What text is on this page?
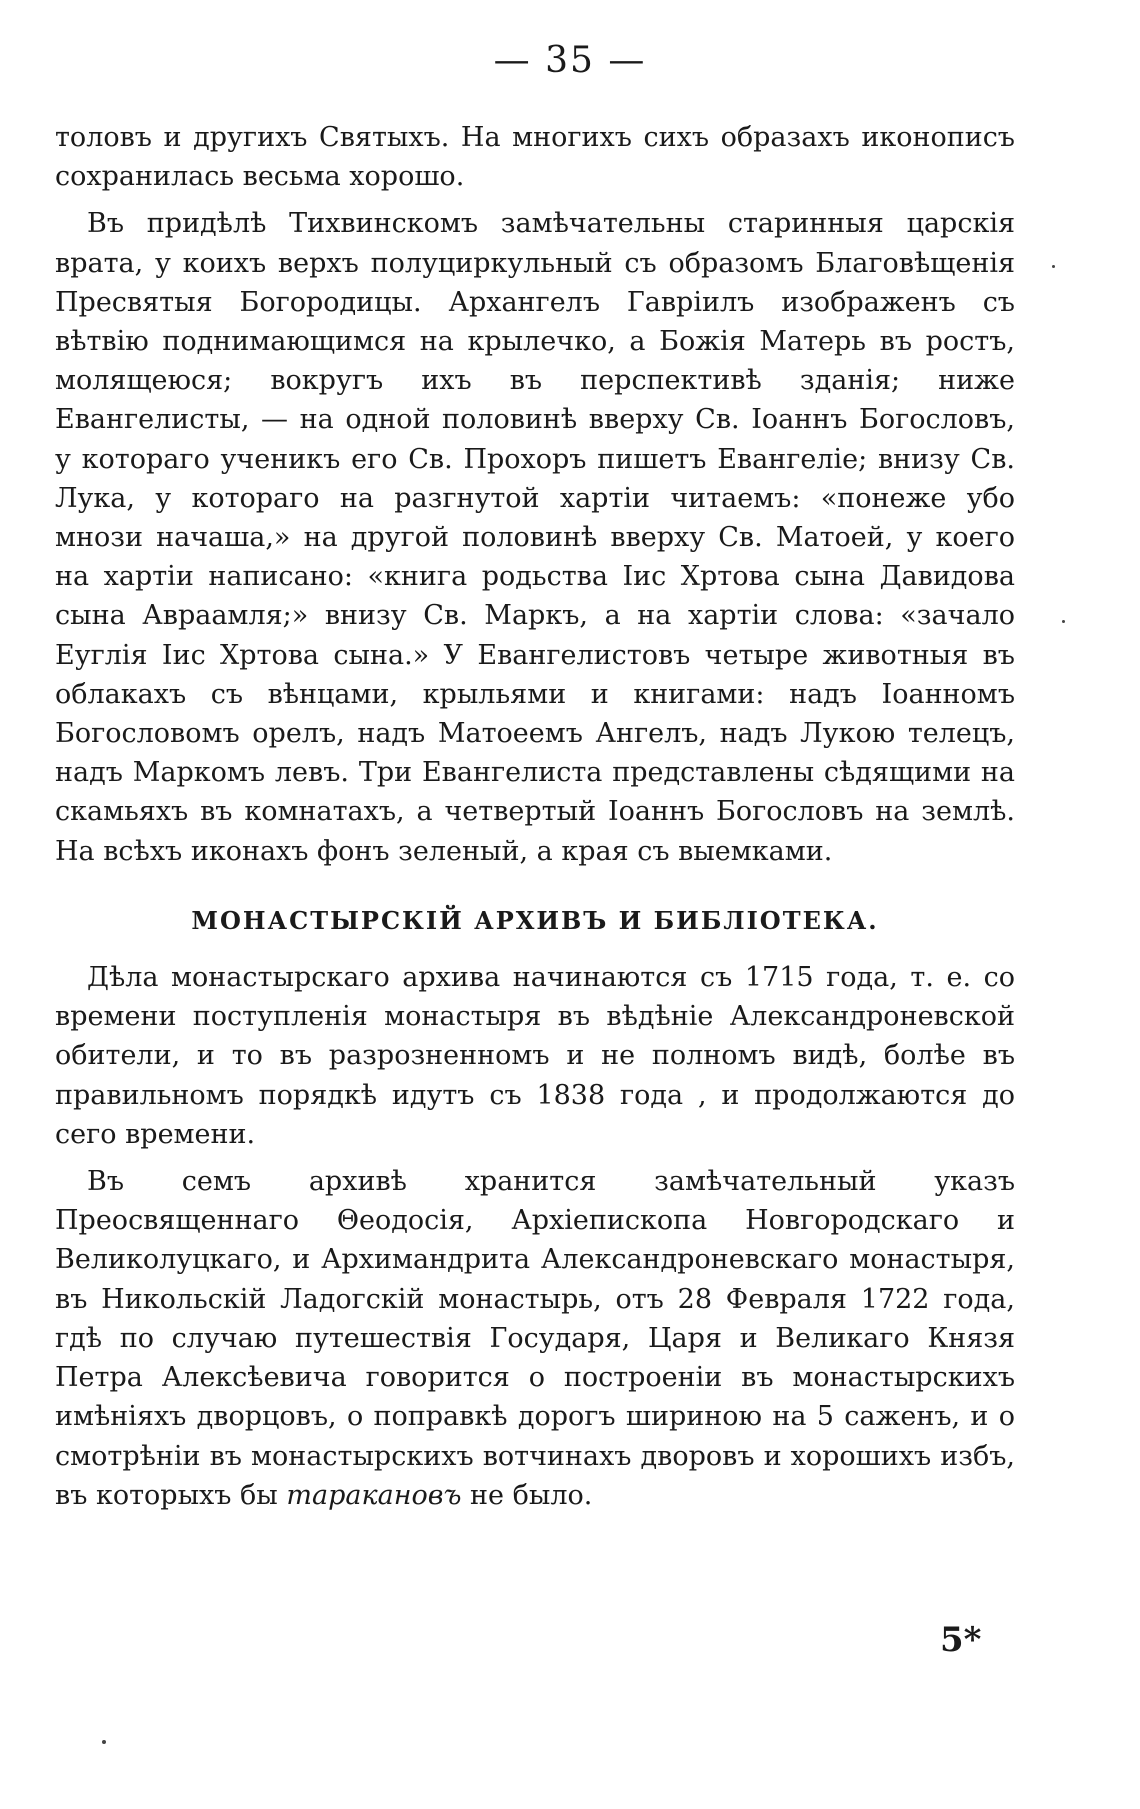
— 35 —

толовъ и другихъ Святыхъ. На многихъ сихъ образахъ иконописъ сохранилась весьма хорошо.

Въ придѣлѣ Тихвинскомъ замѣчательны старинныя царскія врата, у коихъ верхъ полуциркульный съ образомъ Благовѣщенія Пресвятыя Богородицы. Архангелъ Гавріилъ изображенъ съ вѣтвію поднимающимся на крылечко, а Божія Матерь въ ростъ, молящеюся; вокругъ ихъ въ перспективѣ зданія; ниже Евангелисты, — на одной половинѣ вверху Св. Іоаннъ Богословъ, у котораго ученикъ его Св. Прохоръ пишетъ Евангеліе; внизу Св. Лука, у котораго на разгнутой хартіи читаемъ: «понеже убо мнози начаша,» на другой половинѣ вверху Св. Матоей, у коего на хартіи написано: «книга родьства Іис Хртова сына Давидова сына Авраамля;» внизу Св. Маркъ, а на хартіи слова: «зачало Еуглія Іис Хртова сына.» У Евангелистовъ четыре животныя въ облакахъ съ вѣнцами, крыльями и книгами: надъ Іоанномъ Богословомъ орелъ, надъ Матоеемъ Ангелъ, надъ Лукою телецъ, надъ Маркомъ левъ. Три Евангелиста представлены сѣдящими на скамьяхъ въ комнатахъ, а четвертый Іоаннъ Богословъ на землѣ. На всѣхъ иконахъ фонъ зеленый, а края съ выемками.

МОНАСТЫРСКІЙ АРХИВЪ И БИБЛІОТЕКА.

Дѣла монастырскаго архива начинаются съ 1715 года, т. е. со времени поступленія монастыря въ вѣдѣніе Александроневской обители, и то въ разрозненномъ и не полномъ видѣ, болѣе въ правильномъ порядкѣ идутъ съ 1838 года , и продолжаются до сего времени.

Въ семъ архивѣ хранится замѣчательный указъ Преосвященнаго Θеодосія, Архіепископа Новгородскаго и Великолуцкаго, и Архимандрита Александроневскаго монастыря, въ Никольскій Ладогскій монастырь, отъ 28 Февраля 1722 года, гдѣ по случаю путешествія Государя, Царя и Великаго Князя Петра Алексѣевича говорится о построеніи въ монастырскихъ имѣніяхъ дворцовъ, о поправкѣ дорогъ шириною на 5 саженъ, и о смотрѣніи въ монастырскихъ вотчинахъ дворовъ и хорошихъ избъ, въ которыхъ бы таракановъ не было.

5*
